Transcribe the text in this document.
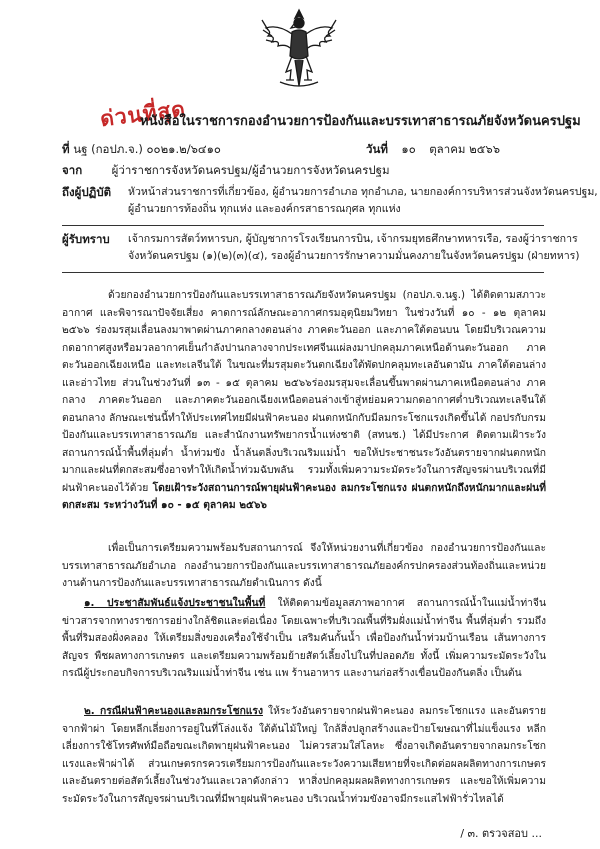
ด่วนที่สุด
หนังสือในราชการกองอำนวยการป้องกันและบรรเทาสาธารณภัยจังหวัดนครปฐม
ที่ นฐ (กอปภ.จ.) ๐๐๒๑.๒/๖๔๑๐	วันที่ ๑๐ ตุลาคม ๒๕๖๖
จาก	ผู้ว่าราชการจังหวัดนครปฐม/ผู้อำนวยการจังหวัดนครปฐม
ถึงผู้ปฏิบัติ หัวหน้าส่วนราชการที่เกี่ยวข้อง, ผู้อำนวยการอำเภอ ทุกอำเภอ, นายกองค์การบริหารส่วนจังหวัดนครปฐม,
ผู้อำนวยการท้องถิ่น ทุกแห่ง และองค์กรสาธารณกุศล ทุกแห่ง
ผู้รับทราบ เจ้ากรมการสัตว์ทหารบก, ผู้บัญชาการโรงเรียนการบิน, เจ้ากรมยุทธศึกษาทหารเรือ, รองผู้ว่าราชการ
จังหวัดนครปฐม (๑)(๒)(๓)(๔), รองผู้อำนวยการรักษาความมั่นคงภายในจังหวัดนครปฐม (ฝ่ายทหาร)
ด้วยกองอำนวยการป้องกันและบรรเทาสาธารณภัยจังหวัดนครปฐม (กอปภ.จ.นฐ.) ได้ติดตามสภาวะอากาศ และพิจารณาปัจจัยเสี่ยง คาดการณ์ลักษณะอากาศกรมอุตุนิยมวิทยา ในช่วงวันที่ ๑๐ - ๑๒ ตุลาคม ๒๕๖๖ ร่องมรสุมเลื่อนลงมาพาดผ่านภาคกลางตอนล่าง ภาคตะวันออก และภาคใต้ตอนบน โดยมีบริเวณความกดอากาศสูงหรือมวลอากาศเย็นกำลังปานกลางจากประเทศจีนแผ่ลงมาปกคลุมภาคเหนือด้านตะวันออก ภาคตะวันออกเฉียงเหนือ และทะเลจีนใต้ ในขณะที่มรสุมตะวันตกเฉียงใต้พัดปกคลุมทะเลอันดามัน ภาคใต้ตอนล่าง และอ่าวไทย ส่วนในช่วงวันที่ ๑๓ - ๑๕ ตุลาคม ๒๕๖๖ร่องมรสุมจะเลื่อนขึ้นพาดผ่านภาคเหนือตอนล่าง ภาคกลาง ภาคตะวันออก และภาคตะวันออกเฉียงเหนือตอนล่างเข้าสู่หย่อมความกดอากาศต่ำบริเวณทะเลจีนใต้ตอนกลาง ลักษณะเช่นนี้ทำให้ประเทศไทยมีฝนฟ้าคะนอง ฝนตกหนักกับมีลมกระโชกแรงเกิดขึ้นได้ กอปรกับกรมป้องกันและบรรเทาสาธารณภัย และสำนักงานทรัพยากรน้ำแห่งชาติ (สทนช.) ได้มีประกาศ ติดตามเฝ้าระวังสถานการณ์น้ำพื้นที่ลุ่มต่ำ น้ำท่วมขัง น้ำล้นตลิ่งบริเวณริมแม่น้ำ ขอให้ประชาชนระวังอันตรายจากฝนตกหนักมากและฝนที่ตกสะสมซึ่งอาจทำให้เกิดน้ำท่วมฉับพลัน รวมทั้งเพิ่มความระมัดระวังในการสัญจรผ่านบริเวณที่มีฝนฟ้าคะนองไว้ด้วย โดยเฝ้าระวังสถานการณ์พายุฝนฟ้าคะนอง ลมกระโชกแรง ฝนตกหนักถึงหนักมากและฝนที่ตกสะสม ระหว่างวันที่ ๑๐ - ๑๕ ตุลาคม ๒๕๖๖
เพื่อเป็นการเตรียมความพร้อมรับสถานการณ์ จึงให้หน่วยงานที่เกี่ยวข้อง กองอำนวยการป้องกันและบรรเทาสาธารณภัยอำเภอ กองอำนวยการป้องกันและบรรเทาสาธารณภัยองค์กรปกครองส่วนท้องถิ่นและหน่วยงานด้านการป้องกันและบรรเทาสาธารณภัยดำเนินการ ดังนี้
๑. ประชาสัมพันธ์แจ้งประชาชนในพื้นที่ ให้ติดตามข้อมูลสภาพอากาศ สถานการณ์น้ำในแม่น้ำท่าจีน ข่าวสารจากทางราชการอย่างใกล้ชิดและต่อเนื่อง โดยเฉพาะที่บริเวณพื้นที่ริมฝั่งแม่น้ำท่าจีน พื้นที่ลุ่มต่ำ รวมถึงพื้นที่ริมสองฝั่งคลอง ให้เตรียมสิ่งของเครื่องใช้จำเป็น เสริมคันกั้นน้ำ เพื่อป้องกันน้ำท่วมบ้านเรือน เส้นทางการสัญจร พืชผลทางการเกษตร และเตรียมความพร้อมย้ายสัตว์เลี้ยงไปในที่ปลอดภัย ทั้งนี้ เพิ่มความระมัดระวังในกรณีผู้ประกอบกิจการบริเวณริมแม่น้ำท่าจีน เช่น แพ ร้านอาหาร และงานก่อสร้างเขื่อนป้องกันตลิ่ง เป็นต้น
๒. กรณีฝนฟ้าคะนองและลมกระโชกแรง ให้ระวังอันตรายจากฝนฟ้าคะนอง ลมกระโชกแรง และอันตรายจากฟ้าผ่า โดยหลีกเลี่ยงการอยู่ในที่โล่งแจ้ง ใต้ต้นไม้ใหญ่ ใกล้สิ่งปลูกสร้างและป้ายโฆษณาที่ไม่แข็งแรง หลีกเลี่ยงการใช้โทรศัพท์มือถือขณะเกิดพายุฝนฟ้าคะนอง ไม่ควรสวมใส่โลหะ ซึ่งอาจเกิดอันตรายจากลมกระโชกแรงและฟ้าผ่าได้ ส่วนเกษตรกรควรเตรียมการป้องกันและระวังความเสียหายที่จะเกิดต่อผลผลิตทางการเกษตรและอันตรายต่อสัตว์เลี้ยงในช่วงวันและเวลาดังกล่าว หาสิ่งปกคลุมผลผลิตทางการเกษตร และขอให้เพิ่มความระมัดระวังในการสัญจรผ่านบริเวณที่มีพายุฝนฟ้าคะนอง บริเวณน้ำท่วมขังอาจมีกระแสไฟฟ้ารั่วไหลได้
/ ๓. ตรวจสอบ ...
